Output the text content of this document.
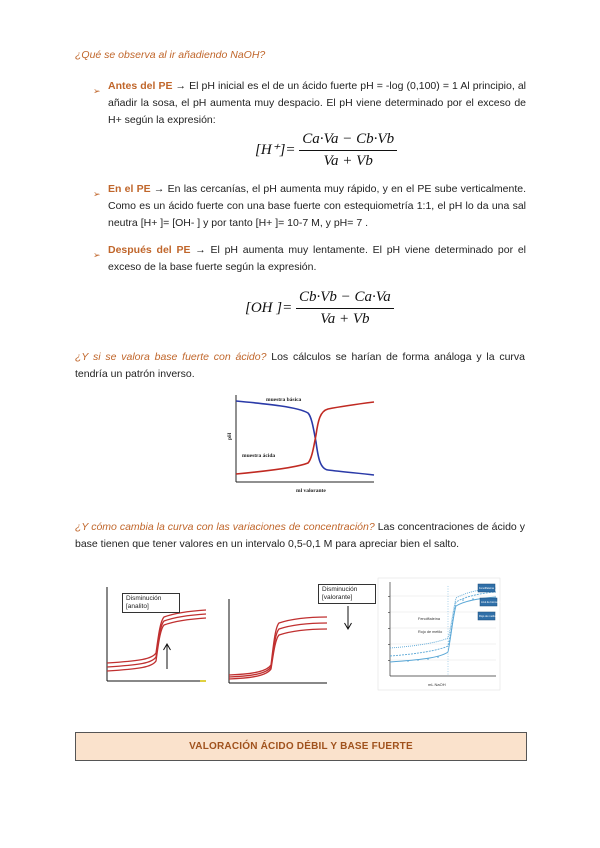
¿Qué se observa al ir añadiendo NaOH?
➢ Antes del PE → El pH inicial es el de un ácido fuerte pH = -log (0,100) = 1 Al principio, al añadir la sosa, el pH aumenta muy despacio. El pH viene determinado por el exceso de H+ según la expresión:
$[H^+]= \frac{Ca\cdot Va - Cb\cdot Vb}{Va + Vb}$
➢ En el PE → En las cercanías, el pH aumenta muy rápido, y en el PE sube verticalmente. Como es un ácido fuerte con una base fuerte con estequiometría 1:1, el pH lo da una sal neutra [H+ ]= [OH- ] y por tanto [H+ ]= 10-7 M, y pH= 7 .
➢ Después del PE → El pH aumenta muy lentamente. El pH viene determinado por el exceso de la base fuerte según la expresión.
[OH ]= $\frac{Cb\cdot Vb - Ca\cdot Va}{Va + Vb}$
¿Y si se valora base fuerte con ácido? Los cálculos se harían de forma análoga y la curva tendría un patrón inverso.
muestra básica
muestra ácida
pH
ml valorante
¿Y cómo cambia la curva con las variaciones de concentración? Las concentraciones de ácido y base tienen que tener valores en un intervalo 0,5-0,1 M para apreciar bien el salto.
Disminución
[analito]
Disminución
[valorante]
Fenolftaleína
Rojo de metilo
Fenolftaleína
Azul de bromotimol
Rojo de metilo
mL NaOH
VALORACIÓN ÁCIDO DÉBIL Y BASE FUERTE
